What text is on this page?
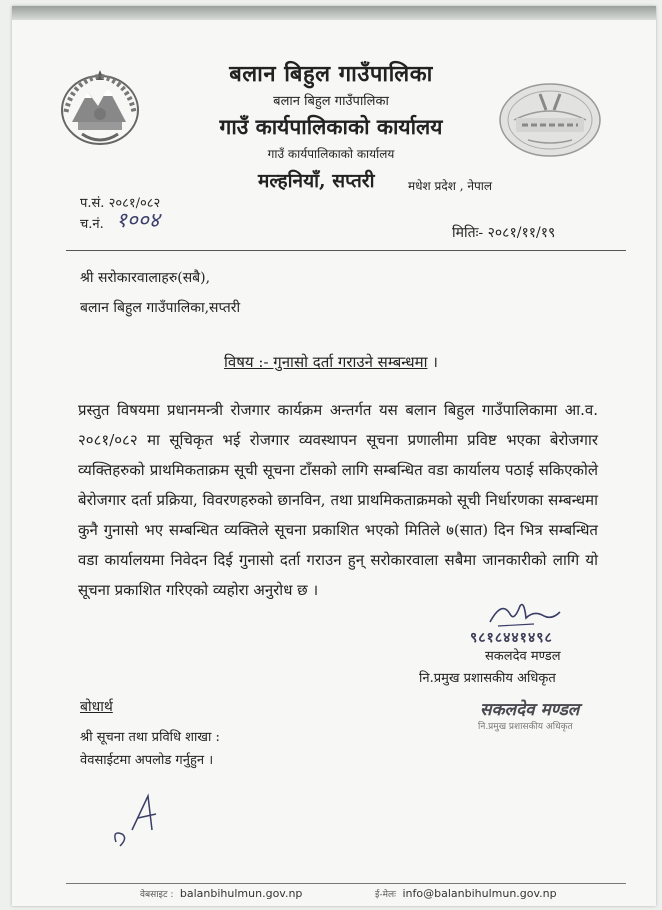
बलान बिहुल गाउँपालिका
बलान बिहुल गाउँपालिका
गाउँ कार्यपालिकाको कार्यालय
गाउँ कार्यपालिकाको कार्यालय
मल्हनियाँ, सप्तरी	मधेश प्रदेश , नेपाल
प.सं. २०८१/०८२
च.नं. १००४
मितिः- २०८१/११/१९
श्री सरोकारवालाहरु(सबै),
बलान बिहुल गाउँपालिका,सप्तरी
विषय :- गुनासो दर्ता गराउने सम्बन्धमा ।
प्रस्तुत विषयमा प्रधानमन्त्री रोजगार कार्यक्रम अन्तर्गत यस बलान बिहुल गाउँपालिकामा आ.व. २०८१/०८२ मा सूचिकृत भई रोजगार व्यवस्थापन सूचना प्रणालीमा प्रविष्ट भएका बेरोजगार व्यक्तिहरुको प्राथमिकताक्रम सूची सूचना टाँसको लागि सम्बन्धित वडा कार्यालय पठाई सकिएकोले बेरोजगार दर्ता प्रक्रिया, विवरणहरुको छानविन, तथा प्राथमिकताक्रमको सूची निर्धारणका सम्बन्धमा कुनै गुनासो भए सम्बन्धित व्यक्तिले सूचना प्रकाशित भएको मितिले ७(सात) दिन भित्र सम्बन्धित वडा कार्यालयमा निवेदन दिई गुनासो दर्ता गराउन हुन् सरोकारवाला सबैमा जानकारीको लागि यो सूचना प्रकाशित गरिएको व्यहोरा अनुरोध छ ।
९८१८४४१४९८
सकलदेव मण्डल
नि.प्रमुख प्रशासकीय अधिकृत
सकलदेव मण्डल
नि.प्रमुख प्रशासकीय अधिकृत
बोधार्थ
श्री सूचना तथा प्रविधि शाखा :
वेवसाईटमा अपलोड गर्नुहुन ।
वेबसाइट : balanbihulmun.gov.np	ई-मेलः info@balanbihulmun.gov.np
